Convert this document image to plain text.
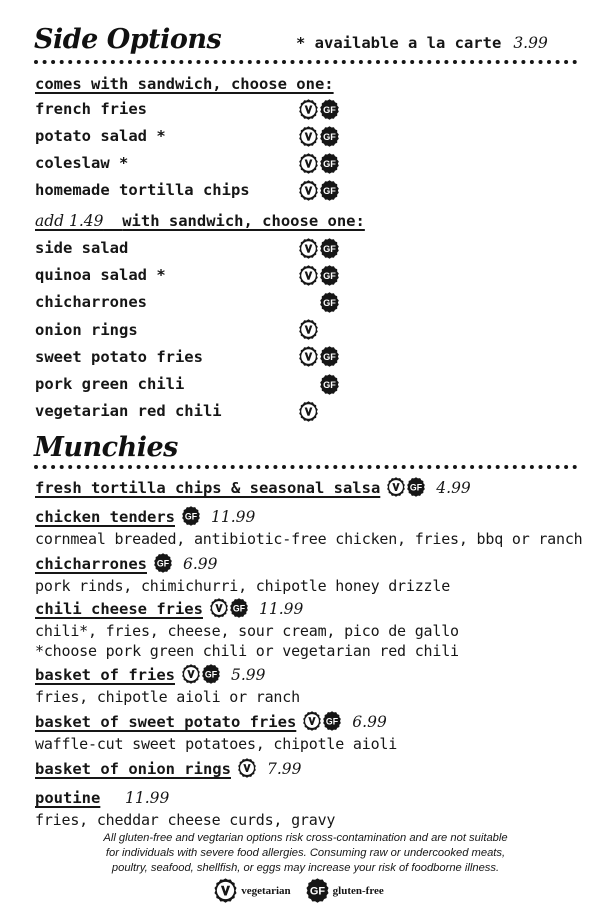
Side Options	* available a la carte 3.99
comes with sandwich, choose one:
french fries
potato salad *
coleslaw *
homemade tortilla chips
add 1.49 with sandwich, choose one:
side salad
quinoa salad *
chicharrones
onion rings
sweet potato fries
pork green chili
vegetarian red chili
Munchies
fresh tortilla chips & seasonal salsa	4.99
chicken tenders 11.99
cornmeal breaded, antibiotic-free chicken, fries, bbq or ranch
chicharrones 6.99
pork rinds, chimichurri, chipotle honey drizzle
chili cheese fries	11.99
chili*, fries, cheese, sour cream, pico de gallo
*choose pork green chili or vegetarian red chili
basket of fries	5.99
fries, chipotle aioli or ranch
basket of sweet potato fries	6.99
waffle-cut sweet potatoes, chipotle aioli
basket of onion rings 7.99
poutine 11.99
fries, cheddar cheese curds, gravy
All gluten-free and vegtarian options risk cross-contamination and are not suitable
for individuals with severe food allergies. Consuming raw or undercooked meats,
poultry, seafood, shellfish, or eggs may increase your risk of foodborne illness.
vegetarian	gluten-free
